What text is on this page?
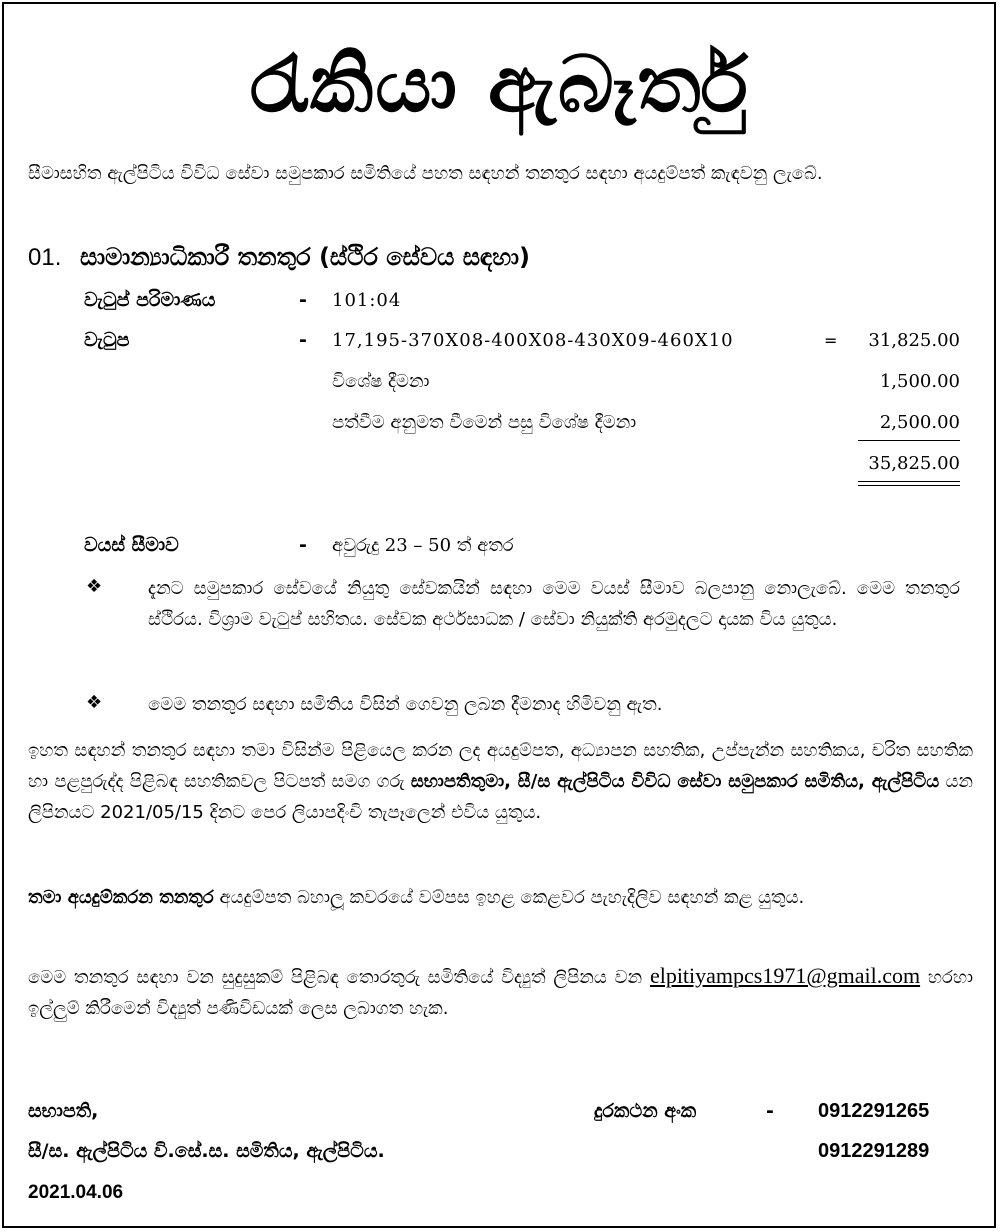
රැකියා ඇබෑර්තු
සීමාසහිත ඇල්පිටිය විවිධ සේවා සමුපකාර සමිතියේ පහත සඳහන් තනතුර සඳහා අයදුම්පත් කැඳවනු ලැබේ.
01. සාමාන්‍යාධිකාරී තනතුර (ස්ථිර සේවය සඳහා)
වැටුප් පරිමාණය	- 101:04
වැටුප	- 17,195-370X08-400X08-430X09-460X10	= 31,825.00
විශේෂ දීමනා	1,500.00
පත්වීම අනුමත වීමෙන් පසු විශේෂ දීමනා	2,500.00
35,825.00
වයස් සීමාව	- අවුරුදු 23 – 50 ත් අතර
❖	දැනට සමුපකාර සේවයේ නියුතු සේවකයින් සඳහා මෙම වයස් සීමාව බලපානු නොලැබේ. මෙම තනතුර ස්ථිරය. විශ්‍රාම වැටුප් සහිතය. සේවක අර්ථසාධක / සේවා නියුක්ති අරමුදලට දායක විය යුතුය.
❖	මෙම තනතුර සඳහා සමිතිය විසින් ගෙවනු ලබන දීමනාද හිමිවනු ඇත.
ඉහත සඳහන් තනතුර සඳහා තමා විසින්ම පිළියෙල කරන ලද අයදුම්පත, අධ්‍යාපන සහතික, උප්පැන්න සහතිකය, චරිත සහතික හා පළපුරුද්ද පිළිබඳ සහතිකවල පිටපත් සමග ගරු සභාපතිතුමා, සී/ස ඇල්පිටිය විවිධ සේවා සමුපකාර සමිතිය, ඇල්පිටිය යන ලිපිනයට 2021/05/15 දිනට පෙර ලියාපදිංචි තැපෑලෙන් එවිය යුතුය.
තමා අයදුම්කරන තනතුර අයදුම්පත බහාලූ කවරයේ වම්පස ඉහළ කෙළවර පැහැදිලිව සඳහන් කළ යුතුය.
මෙම තනතුර සඳහා වන සුදුසුකම් පිළිබඳ තොරතුරු සමිතියේ විද්‍යුත් ලිපිනය වන elpitiyampcs1971@gmail.com හරහා ඉල්ලුම් කිරීමෙන් විද්‍යුත් පණිවිඩයක් ලෙස ලබාගත හැක.
සභාපති,
සී/ස. ඇල්පිටිය වි.සේ.ස. සමිතිය, ඇල්පිටිය.
2021.04.06
දුරකථන අංක	- 0912291265
0912291289
